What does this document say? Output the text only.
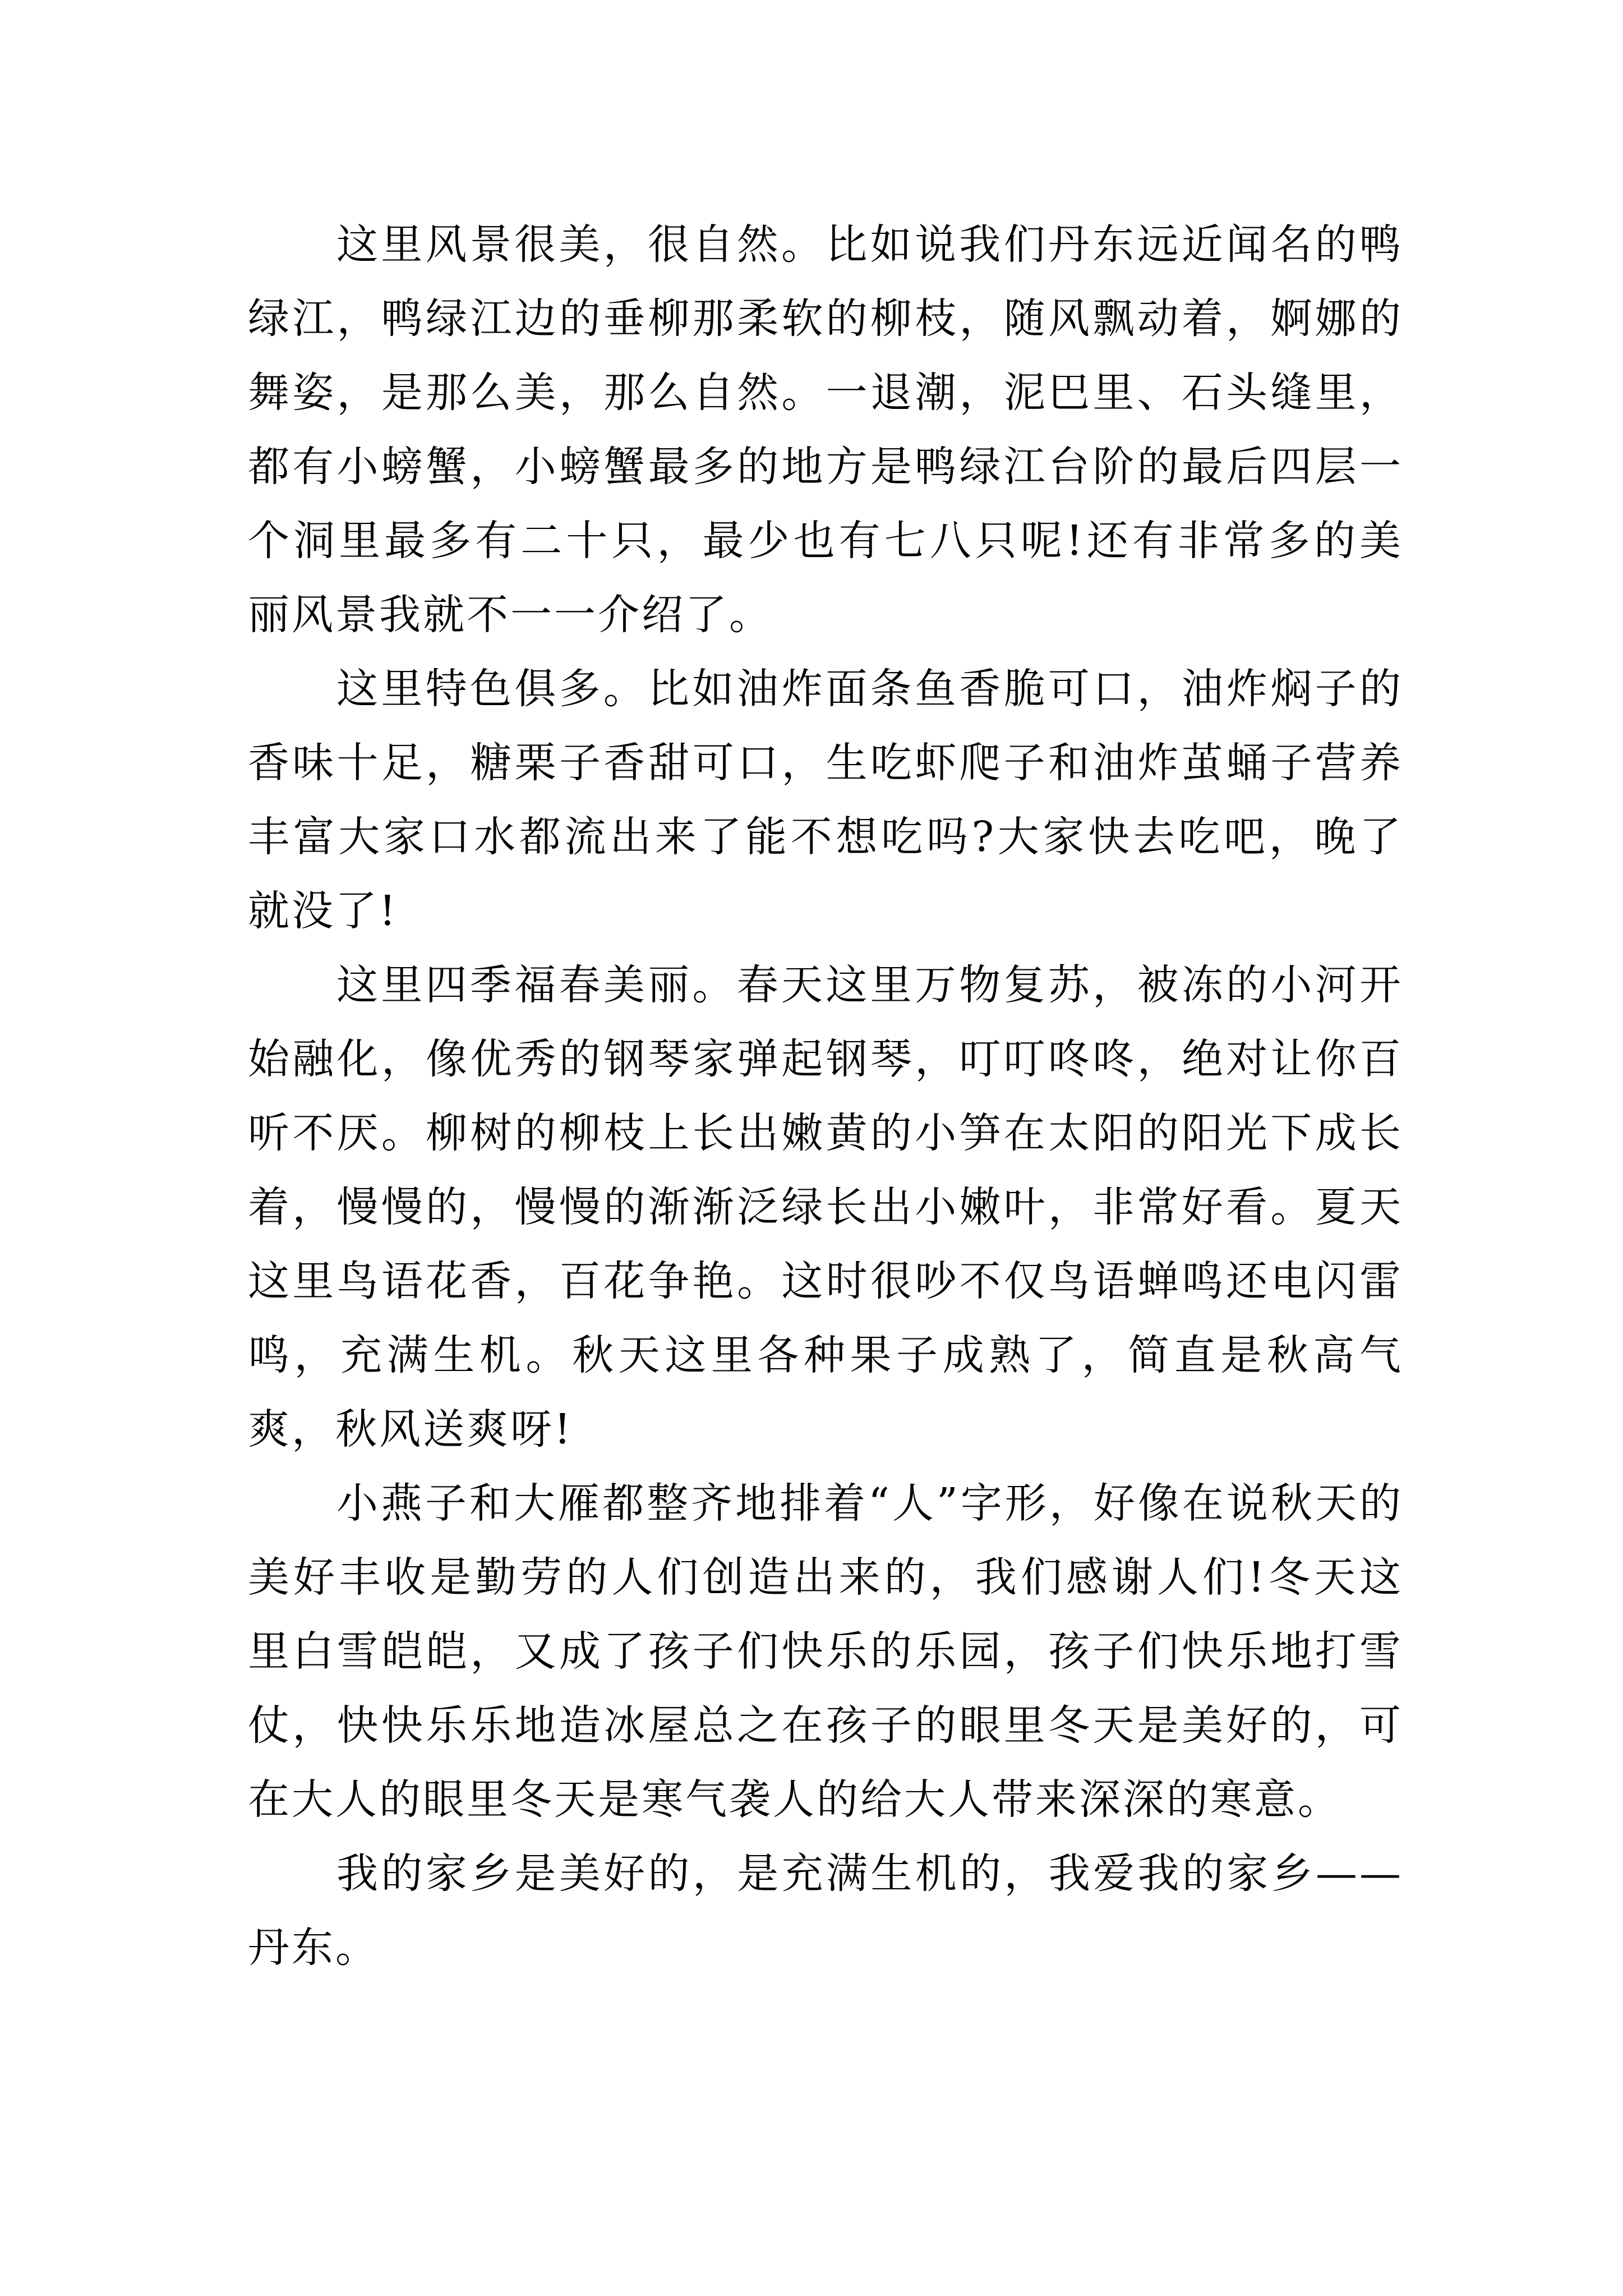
这里风景很美，很自然。比如说我们丹东远近闻名的鸭绿江，鸭绿江边的垂柳那柔软的柳枝，随风飘动着，婀娜的舞姿，是那么美，那么自然。一退潮，泥巴里、石头缝里，都有小螃蟹，小螃蟹最多的地方是鸭绿江台阶的最后四层一个洞里最多有二十只，最少也有七八只呢!还有非常多的美丽风景我就不一一介绍了。

这里特色俱多。比如油炸面条鱼香脆可口，油炸焖子的香味十足，糖栗子香甜可口，生吃虾爬子和油炸茧蛹子营养丰富大家口水都流出来了能不想吃吗?大家快去吃吧，晚了就没了!

这里四季福春美丽。春天这里万物复苏，被冻的小河开始融化，像优秀的钢琴家弹起钢琴，叮叮咚咚，绝对让你百听不厌。柳树的柳枝上长出嫩黄的小笋在太阳的阳光下成长着，慢慢的，慢慢的渐渐泛绿长出小嫩叶，非常好看。夏天这里鸟语花香，百花争艳。这时很吵不仅鸟语蝉鸣还电闪雷鸣，充满生机。秋天这里各种果子成熟了，简直是秋高气爽，秋风送爽呀!

小燕子和大雁都整齐地排着“人”字形，好像在说秋天的美好丰收是勤劳的人们创造出来的，我们感谢人们!冬天这里白雪皑皑，又成了孩子们快乐的乐园，孩子们快乐地打雪仗，快快乐乐地造冰屋总之在孩子的眼里冬天是美好的，可在大人的眼里冬天是寒气袭人的给大人带来深深的寒意。

我的家乡是美好的，是充满生机的，我爱我的家乡——丹东。
